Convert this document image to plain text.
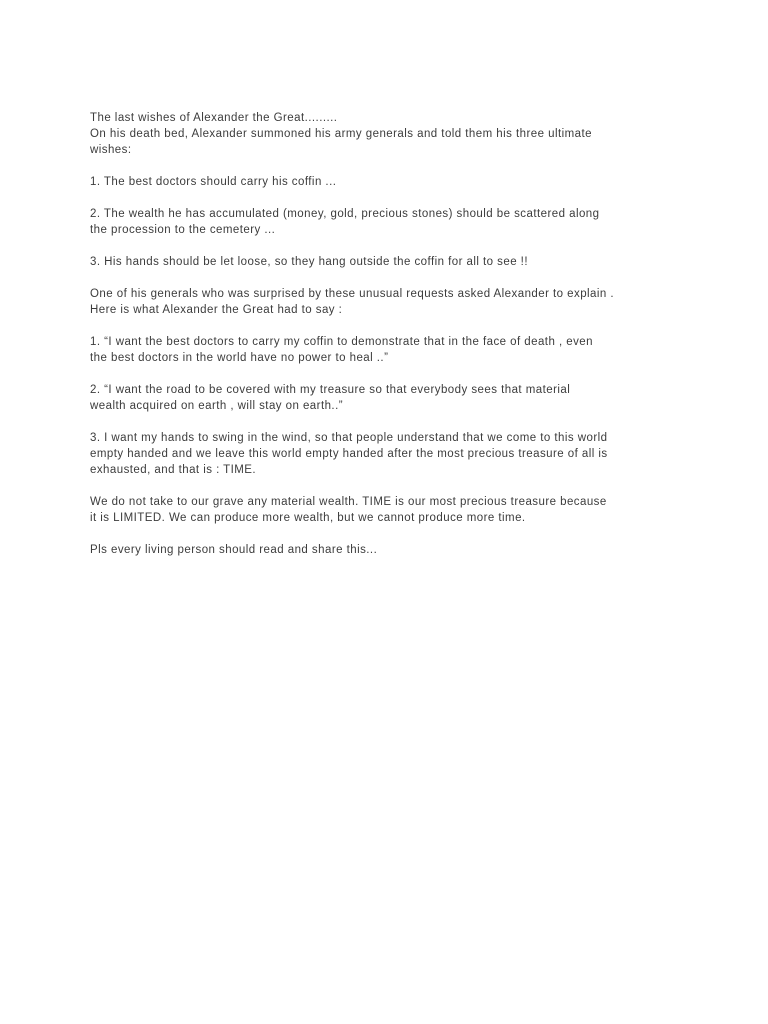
The last wishes of Alexander the Great.........
On his death bed, Alexander summoned his army generals and told them his three ultimate
wishes:
1. The best doctors should carry his coffin ...
2. The wealth he has accumulated (money, gold, precious stones) should be scattered along
the procession to the cemetery ...
3. His hands should be let loose, so they hang outside the coffin for all to see !!
One of his generals who was surprised by these unusual requests asked Alexander to explain .
Here is what Alexander the Great had to say :
1. “I want the best doctors to carry my coffin to demonstrate that in the face of death , even
the best doctors in the world have no power to heal ..”
2. “I want the road to be covered with my treasure so that everybody sees that material
wealth acquired on earth , will stay on earth..”
3. I want my hands to swing in the wind, so that people understand that we come to this world
empty handed and we leave this world empty handed after the most precious treasure of all is
exhausted, and that is : TIME.
We do not take to our grave any material wealth. TIME is our most precious treasure because
it is LIMITED. We can produce more wealth, but we cannot produce more time.
Pls every living person should read and share this...
